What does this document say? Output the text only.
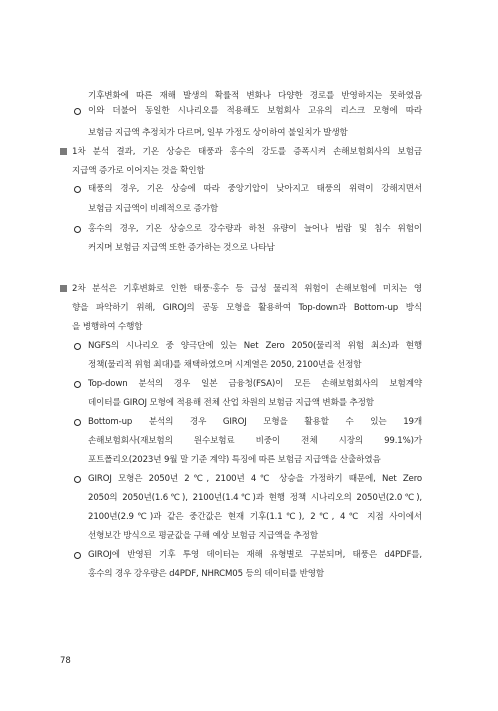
기후변화에 따른 재해 발생의 확률적 변화나 다양한 경로를 반영하지는 못하였음
이와 더불어 동일한 시나리오를 적용해도 보험회사 고유의 리스크 모형에 따라
보험금 지급액 추정치가 다르며, 일부 가정도 상이하여 불일치가 발생함
1차 분석 결과, 기온 상승은 태풍과 홍수의 강도를 증폭시켜 손해보험회사의 보험금
지급액 증가로 이어지는 것을 확인함
태풍의 경우, 기온 상승에 따라 중앙기압이 낮아지고 태풍의 위력이 강해지면서
보험금 지급액이 비례적으로 증가함
홍수의 경우, 기온 상승으로 강수량과 하천 유량이 늘어나 범람 및 침수 위험이
커지며 보험금 지급액 또한 증가하는 것으로 나타남
2차 분석은 기후변화로 인한 태풍·홍수 등 급성 물리적 위험이 손해보험에 미치는 영
향을 파악하기 위해, GIROJ의 공동 모형을 활용하여 Top-down과 Bottom-up 방식
을 병행하여 수행함
NGFS의 시나리오 중 양극단에 있는 Net Zero 2050(물리적 위험 최소)과 현행
정책(물리적 위험 최대)를 채택하였으며 시계열은 2050, 2100년을 선정함
Top-down 분석의 경우 일본 금융청(FSA)이 모든 손해보험회사의 보험계약
데이터를 GIROJ 모형에 적용해 전체 산업 차원의 보험금 지급액 변화를 추정함
Bottom-up 분석의 경우 GIROJ 모형을 활용할 수 있는 19개
손해보험회사(재보험의 원수보험료 비중이 전체 시장의 99.1%)가
포트폴리오(2023년 9월 말 기준 계약) 특징에 따른 보험금 지급액을 산출하였음
GIROJ 모형은 2050년 2℃, 2100년 4℃ 상승을 가정하기 때문에, Net Zero
2050의 2050년(1.6℃), 2100년(1.4℃)과 현행 정책 시나리오의 2050년(2.0℃),
2100년(2.9℃)과 같은 중간값은 현재 기후(1.1℃), 2℃, 4℃ 지점 사이에서
선형보간 방식으로 평균값을 구해 예상 보험금 지급액을 추정함
GIROJ에 반영된 기후 투영 데이터는 재해 유형별로 구분되며, 태풍은 d4PDF를,
홍수의 경우 강우량은 d4PDF, NHRCM05 등의 데이터를 반영함
78
